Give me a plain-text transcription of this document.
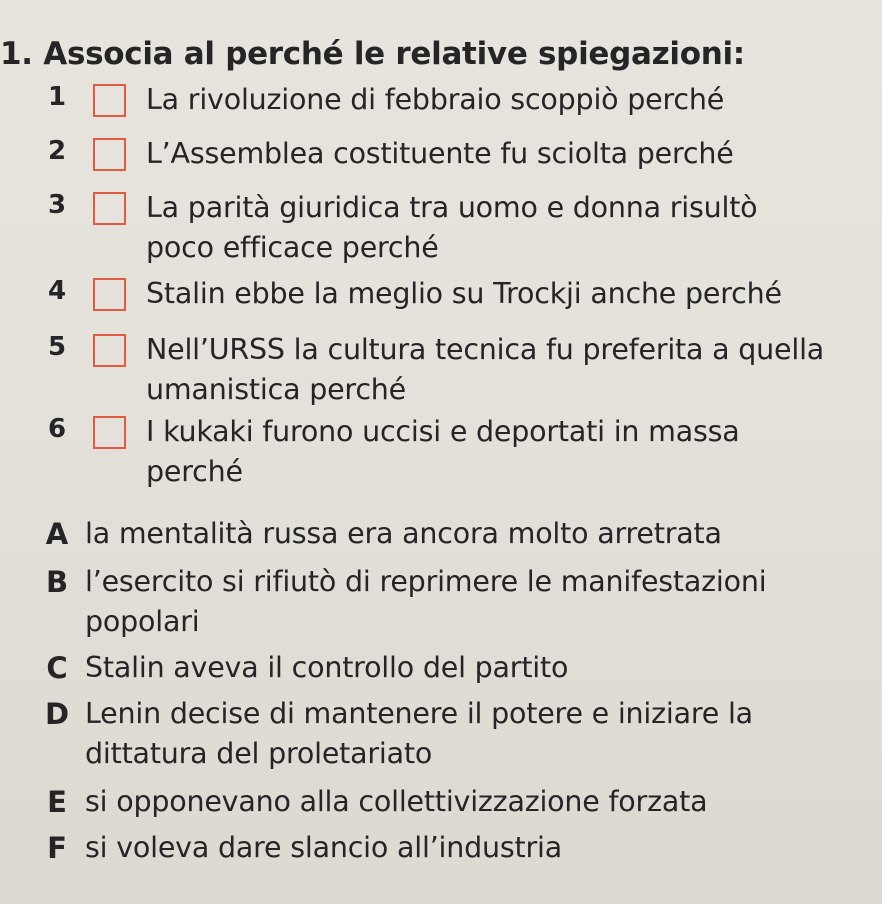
1. Associa al perché le relative spiegazioni:
1	La rivoluzione di febbraio scoppiò perché
2	L’Assemblea costituente fu sciolta perché
3	La parità giuridica tra uomo e donna risultò poco efficace perché
4	Stalin ebbe la meglio su Trockji anche perché
5	Nell’URSS la cultura tecnica fu preferita a quella umanistica perché
6	I kukaki furono uccisi e deportati in massa perché
A la mentalità russa era ancora molto arretrata
B l’esercito si rifiutò di reprimere le manifestazioni popolari
C Stalin aveva il controllo del partito
D Lenin decise di mantenere il potere e iniziare la dittatura del proletariato
E si opponevano alla collettivizzazione forzata
F si voleva dare slancio all’industria
